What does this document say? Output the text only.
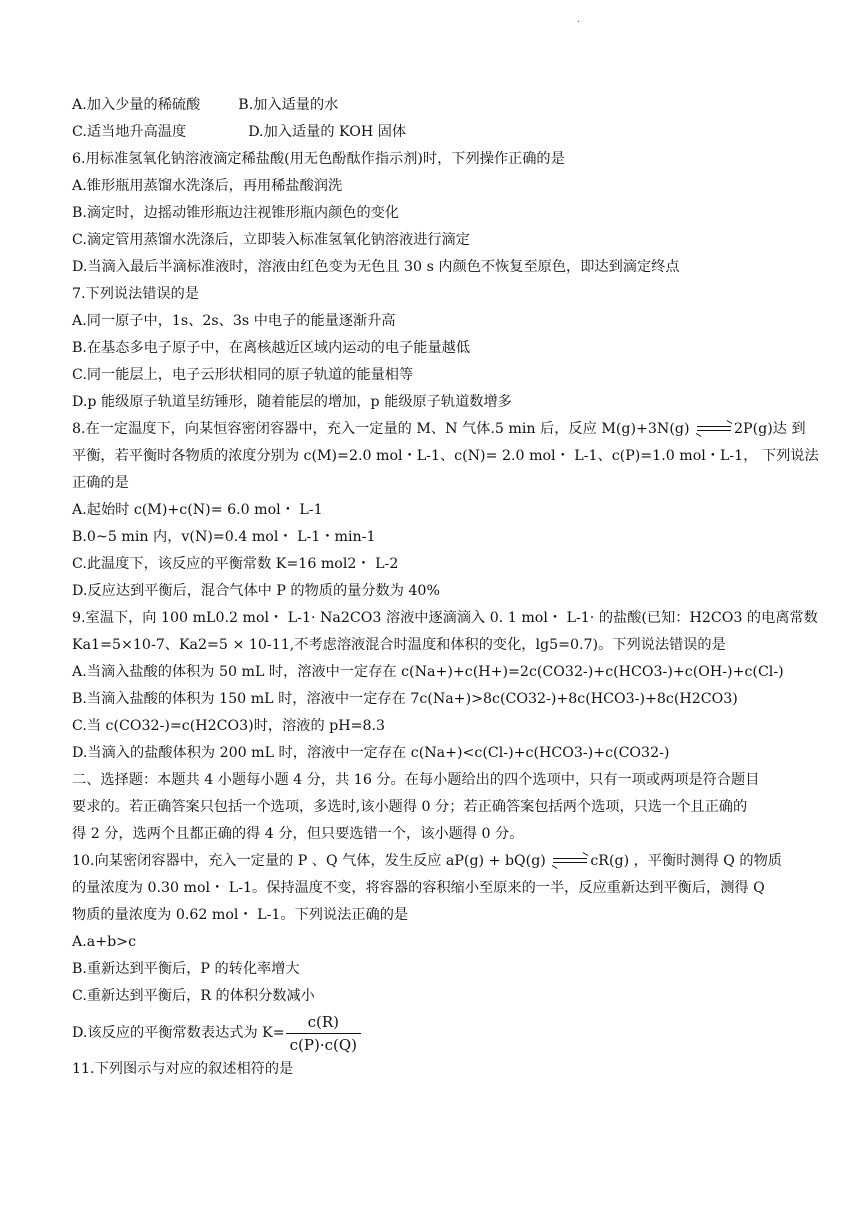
.
A.加入少量的稀硫酸	B.加入适量的水
C.适当地升高温度	D.加入适量的 KOH 固体
6.用标准氢氧化钠溶液滴定稀盐酸(用无色酚酞作指示剂)时，下列操作正确的是
A.锥形瓶用蒸馏水洗涤后，再用稀盐酸润洗
B.滴定时，边摇动锥形瓶边注视锥形瓶内颜色的变化
C.滴定管用蒸馏水洗涤后，立即装入标准氢氧化钠溶液进行滴定
D.当滴入最后半滴标准液时，溶液由红色变为无色且 30 s 内颜色不恢复至原色，即达到滴定终点
7.下列说法错误的是
A.同一原子中，1s、2s、3s 中电子的能量逐渐升高
B.在基态多电子原子中，在离核越近区域内运动的电子能量越低
C.同一能层上，电子云形状相同的原子轨道的能量相等
D.p 能级原子轨道呈纺锤形，随着能层的增加，p 能级原子轨道数增多
8.在一定温度下，向某恒容密闭容器中，充入一定量的 M、N 气体.5 min 后，反应 M(g)+3N(g) ⇌ 2P(g)达 到
平衡，若平衡时各物质的浓度分别为 c(M)=2.0 mol・L-1、c(N)= 2.0 mol・ L-1、c(P)=1.0 mol・L-1， 下列说法
正确的是
A.起始时 c(M)+c(N)= 6.0 mol・ L-1
B.0~5 min 内，v(N)=0.4 mol・ L-1・min-1
C.此温度下，该反应的平衡常数 K=16 mol2・ L-2
D.反应达到平衡后，混合气体中 P 的物质的量分数为 40%
9.室温下，向 100 mL0.2 mol・ L-1· Na2CO3 溶液中逐滴滴入 0. 1 mol・ L-1· 的盐酸(已知：H2CO3 的电离常数
Ka1=5×10-7、Ka2=5 × 10-11,不考虑溶液混合时温度和体积的变化，lg5=0.7)。下列说法错误的是
A.当滴入盐酸的体积为 50 mL 时，溶液中一定存在 c(Na+)+c(H+)=2c(CO32-)+c(HCO3-)+c(OH-)+c(Cl-)
B.当滴入盐酸的体积为 150 mL 时，溶液中一定存在 7c(Na+)>8c(CO32-)+8c(HCO3-)+8c(H2CO3)
C.当 c(CO32-)=c(H2CO3)时，溶液的 pH=8.3
D.当滴入的盐酸体积为 200 mL 时，溶液中一定存在 c(Na+)<c(Cl-)+c(HCO3-)+c(CO32-)
二、选择题：本题共 4 小题每小题 4 分，共 16 分。在每小题给出的四个选项中，只有一项或两项是符合题目
要求的。若正确答案只包括一个选项，多选时,该小题得 0 分；若正确答案包括两个选项，只选一个且正确的
得 2 分，选两个且都正确的得 4 分，但只要选错一个，该小题得 0 分。
10.向某密闭容器中，充入一定量的 P 、Q 气体，发生反应 aP(g) + bQ(g) ⇌ cR(g) ，平衡时测得 Q 的物质
的量浓度为 0.30 mol・ L-1。保持温度不变，将容器的容积缩小至原来的一半，反应重新达到平衡后，测得 Q
物质的量浓度为 0.62 mol・ L-1。下列说法正确的是
A.a+b>c
B.重新达到平衡后，P 的转化率增大
C.重新达到平衡后，R 的体积分数减小
D.该反应的平衡常数表达式为 $K= \frac{c(R)}{c(P)\cdot c(Q)}$
11.下列图示与对应的叙述相符的是
